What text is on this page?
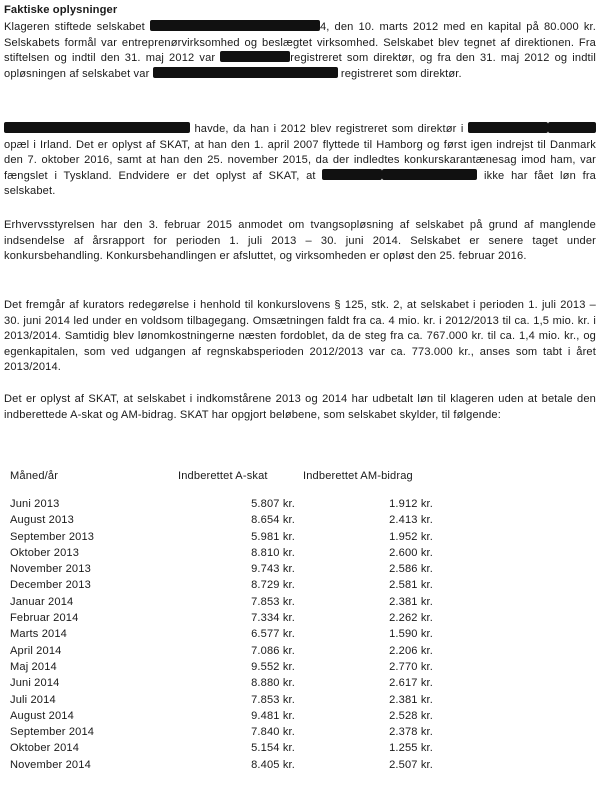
Faktiske oplysninger

Klageren stiftede selskabet	4, den 10. marts 2012 med en kapital på 80.000 kr. Selskabets formål var entreprenørvirksomhed og beslægtet virksomhed. Selskabet blev tegnet af direktionen. Fra stiftelsen og indtil den 31. maj 2012 var	registreret som direktør, og fra den 31. maj 2012 og indtil opløsningen af selskabet var	registreret som direktør.

havde, da han i 2012 blev registreret som direktør i  opæl i Irland. Det er oplyst af SKAT, at han den 1. april 2007 flyttede til Hamborg og først igen indrejst til Danmark den 7. oktober 2016, samt at han den 25. november 2015, da der indledtes konkurskarantænesag imod ham, var fængslet i Tyskland. Endvidere er det oplyst af SKAT, at	ikke har fået løn fra selskabet.

Erhvervsstyrelsen har den 3. februar 2015 anmodet om tvangsopløsning af selskabet på grund af manglende indsendelse af årsrapport for perioden 1. juli 2013 – 30. juni 2014. Selskabet er senere taget under konkursbehandling. Konkursbehandlingen er afsluttet, og virksomheden er opløst den 25. februar 2016.

Det fremgår af kurators redegørelse i henhold til konkurslovens § 125, stk. 2, at selskabet i perioden 1. juli 2013 – 30. juni 2014 led under en voldsom tilbagegang. Omsætningen faldt fra ca. 4 mio. kr. i 2012/2013 til ca. 1,5 mio. kr. i 2013/2014. Samtidig blev lønomkostningerne næsten fordoblet, da de steg fra ca. 767.000 kr. til ca. 1,4 mio. kr., og egenkapitalen, som ved udgangen af regnskabsperioden 2012/2013 var ca. 773.000 kr., anses som tabt i året 2013/2014.

Det er oplyst af SKAT, at selskabet i indkomstårene 2013 og 2014 har udbetalt løn til klageren uden at betale den indberettede A-skat og AM-bidrag. SKAT har opgjort beløbene, som selskabet skylder, til følgende:

Måned/år	Indberettet A-skat	Indberettet AM-bidrag
Juni 2013	5.807 kr.	1.912 kr.
August 2013	8.654 kr.	2.413 kr.
September 2013	5.981 kr.	1.952 kr.
Oktober 2013	8.810 kr.	2.600 kr.
November 2013	9.743 kr.	2.586 kr.
December 2013	8.729 kr.	2.581 kr.
Januar 2014	7.853 kr.	2.381 kr.
Februar 2014	7.334 kr.	2.262 kr.
Marts 2014	6.577 kr.	1.590 kr.
April 2014	7.086 kr.	2.206 kr.
Maj 2014	9.552 kr.	2.770 kr.
Juni 2014	8.880 kr.	2.617 kr.
Juli 2014	7.853 kr.	2.381 kr.
August 2014	9.481 kr.	2.528 kr.
September 2014	7.840 kr.	2.378 kr.
Oktober 2014	5.154 kr.	1.255 kr.
November 2014	8.405 kr.	2.507 kr.
